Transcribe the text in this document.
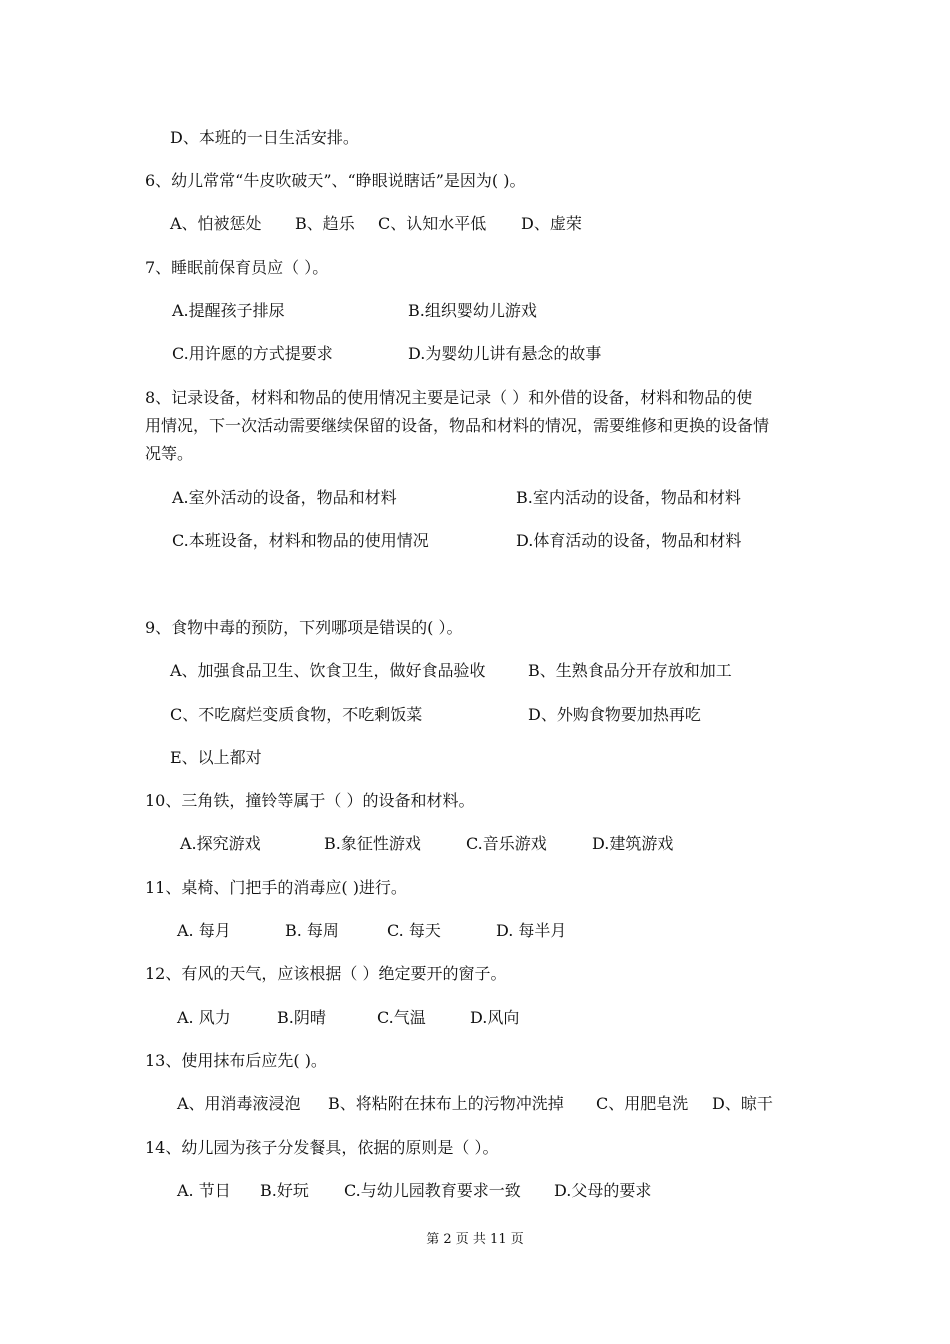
D、本班的一日生活安排。
6、幼儿常常“牛皮吹破天”、“睁眼说瞎话”是因为( )。
A、怕被惩处 B、趋乐 C、认知水平低 D、虚荣
7、睡眠前保育员应（ ）。
A.提醒孩子排尿	B.组织婴幼儿游戏
C.用许愿的方式提要求	D.为婴幼儿讲有悬念的故事
8、记录设备，材料和物品的使用情况主要是记录（ ）和外借的设备，材料和物品的使
用情况，下一次活动需要继续保留的设备，物品和材料的情况，需要维修和更换的设备情
况等。
A.室外活动的设备，物品和材料	B.室内活动的设备，物品和材料
C.本班设备，材料和物品的使用情况	D.体育活动的设备，物品和材料
9、食物中毒的预防，下列哪项是错误的( ）。
A、加强食品卫生、饮食卫生，做好食品验收	B、生熟食品分开存放和加工
C、不吃腐烂变质食物，不吃剩饭菜	D、外购食物要加热再吃
E、以上都对
10、三角铁，撞铃等属于（ ）的设备和材料。
A.探究游戏	B.象征性游戏	C.音乐游戏	D.建筑游戏
11、桌椅、门把手的消毒应( )进行。
A. 每月	B. 每周	C. 每天	D. 每半月
12、有风的天气，应该根据（ ）绝定要开的窗子。
A. 风力	B.阴晴	C.气温	D.风向
13、使用抹布后应先( )。
A、用消毒液浸泡 B、将粘附在抹布上的污物冲洗掉 C、用肥皂洗 D、晾干
14、幼儿园为孩子分发餐具，依据的原则是（ ）。
A. 节日 B.好玩 C.与幼儿园教育要求一致 D.父母的要求
第 2 页 共 11 页
